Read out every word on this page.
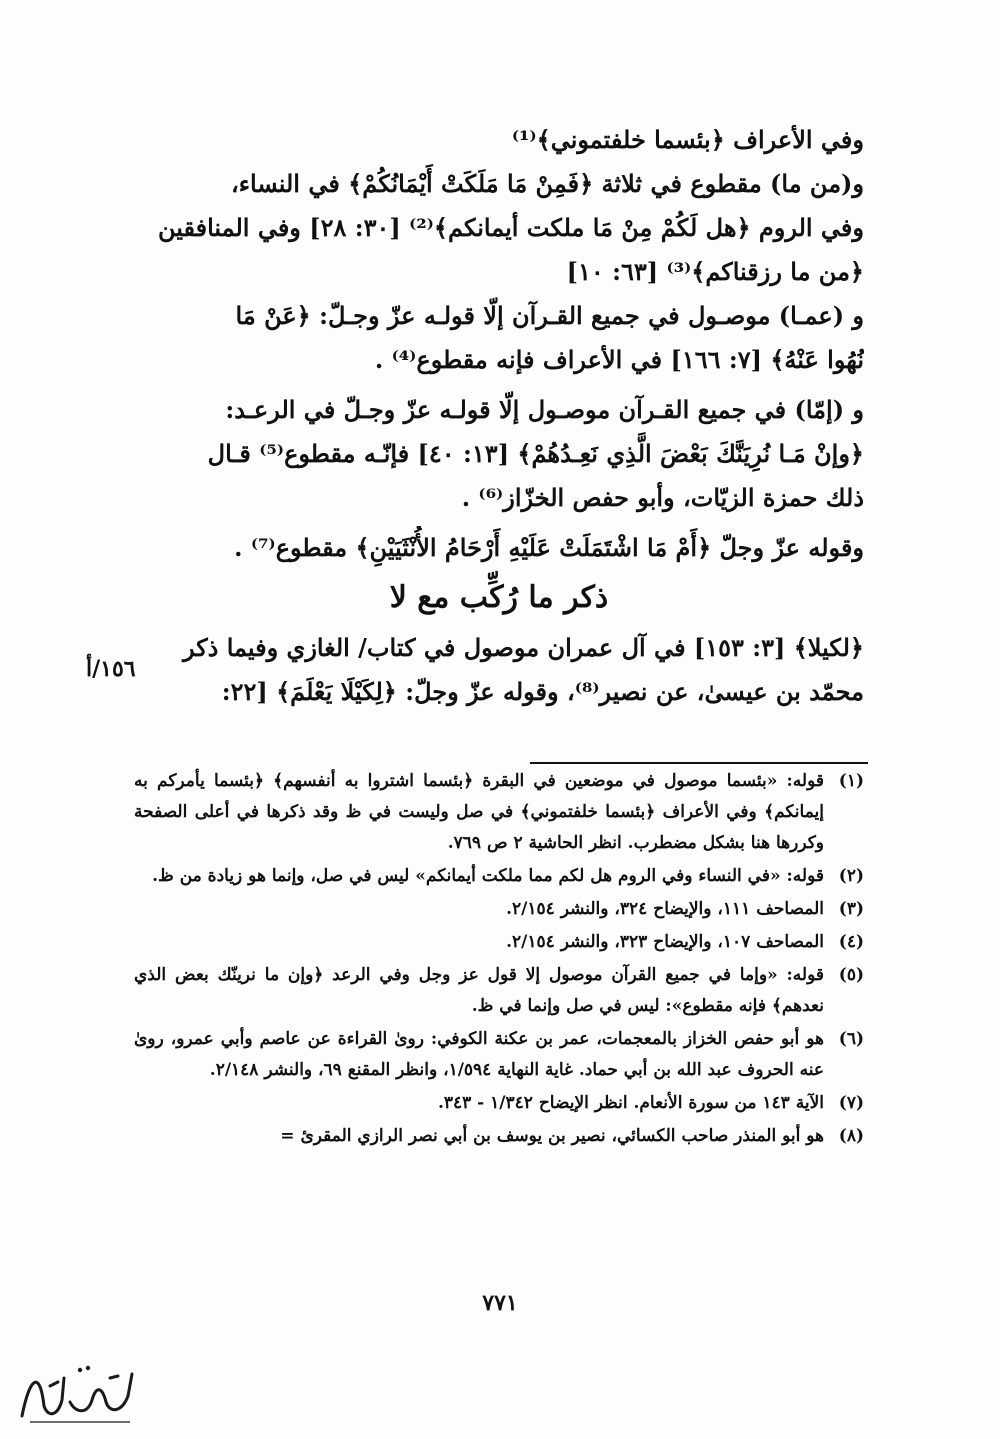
وفي الأعراف ﴿بئسما خلفتموني﴾⁽¹⁾
و(من ما) مقطوع في ثلاثة ﴿فَمِنْ مَا مَلَكَتْ أَيْمَانُكُمْ﴾ في النساء،
وفي الروم ﴿هل لَكُمْ مِنْ مَا ملكت أيمانكم﴾⁽²⁾ [٣٠: ٢٨] وفي المنافقين
﴿من ما رزقناكم﴾⁽³⁾ [٦٣: ١٠]
و (عمـا) موصـول في جميع القـرآن إلّا قولـه عزّ وجـلّ: ﴿عَنْ مَا
نُهُوا عَنْهُ﴾ [٧: ١٦٦] في الأعراف فإنه مقطوع⁽⁴⁾ .
و (إمّا) في جميع القـرآن موصـول إلّا قولـه عزّ وجـلّ في الرعـد:
﴿وإنْ مَـا نُرِيَنَّكَ بَعْضَ الَّذِي نَعِـدُهُمْ﴾ [١٣: ٤٠] فإنّـه مقطوع⁽⁵⁾ قـال
ذلك حمزة الزيّات، وأبو حفص الخزّاز⁽⁶⁾ .
وقوله عزّ وجلّ ﴿أَمْ مَا اشْتَمَلَتْ عَلَيْهِ أَرْحَامُ الأُنْثَيَيْنِ﴾ مقطوع⁽⁷⁾ .
ذكر ما رُكِّب مع لا
﴿لكيلا﴾ [٣: ١٥٣] في آل عمران موصول في كتاب/ الغازي وفيما ذكر
محمّد بن عيسىٰ، عن نصير⁽⁸⁾، وقوله عزّ وجلّ: ﴿لِكَيْلَا يَعْلَمَ﴾ [٢٢:
١٥٦/أ
(١)
قوله: «بئسما موصول في موضعين في البقرة ﴿بئسما اشتروا به أنفسهم﴾ ﴿بئسما يأمركم به إيمانكم﴾ وفي الأعراف ﴿بئسما خلفتموني﴾ في صل وليست في ظ وقد ذكرها في أعلى الصفحة وكررها هنا بشكل مضطرب. انظر الحاشية ٢ ص ٧٦٩.
(٢)
قوله: «في النساء وفي الروم هل لكم مما ملكت أيمانكم» ليس في صل، وإنما هو زيادة من ظ.
(٣)
المصاحف ١١١، والإيضاح ٣٢٤، والنشر ٢/١٥٤.
(٤)
المصاحف ١٠٧، والإيضاح ٣٢٣، والنشر ٢/١٥٤.
(٥)
قوله: «وإما في جميع القرآن موصول إلا قول عز وجل وفي الرعد ﴿وإن ما نرينّك بعض الذي نعدهم﴾ فإنه مقطوع»: ليس في صل وإنما في ظ.
(٦)
هو أبو حفص الخزاز بالمعجمات، عمر بن عكنة الكوفي: روىٰ القراءة عن عاصم وأبي عمرو، روىٰ عنه الحروف عبد الله بن أبي حماد. غاية النهاية ١/٥٩٤، وانظر المقنع ٦٩، والنشر ٢/١٤٨.
(٧)
الآية ١٤٣ من سورة الأنعام. انظر الإيضاح ١/٣٤٢ - ٣٤٣.
(٨)
هو أبو المنذر صاحب الكسائي، نصير بن يوسف بن أبي نصر الرازي المقرئ =
٧٧١
